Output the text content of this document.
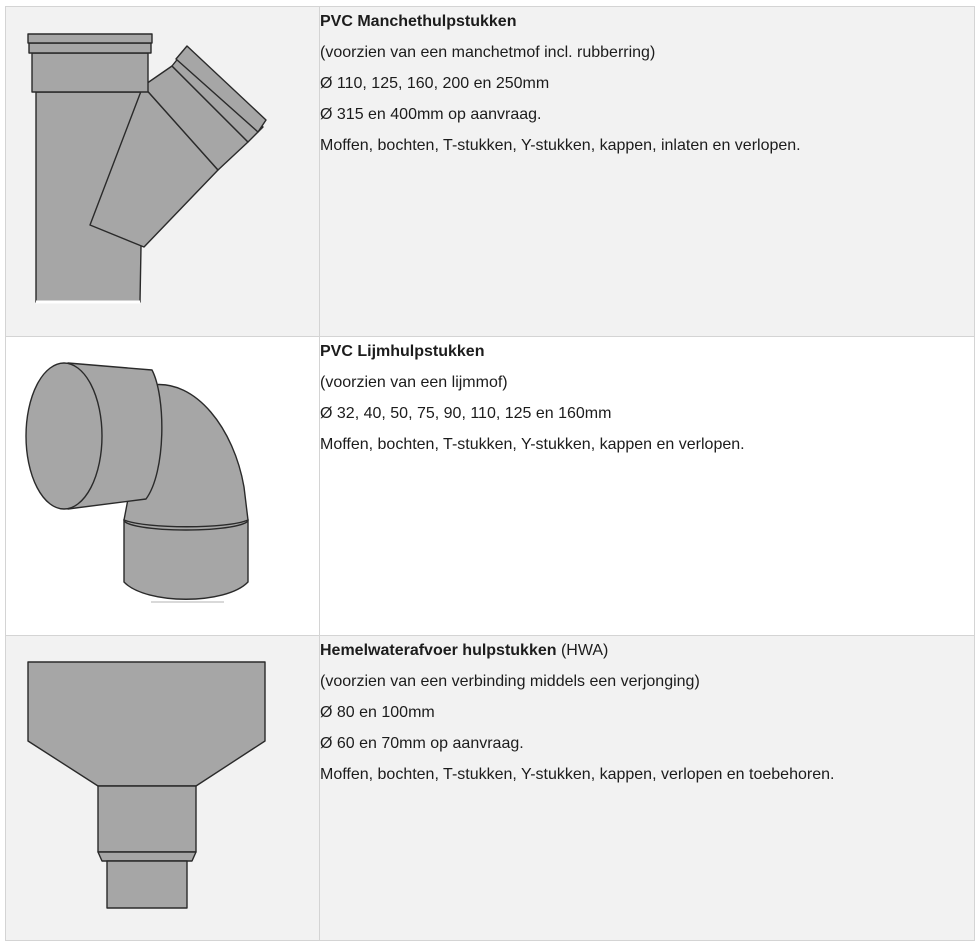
PVC Manchethulpstukken
(voorzien van een manchetmof incl. rubberring)
Ø 110, 125, 160, 200 en 250mm
Ø 315 en 400mm op aanvraag.
Moffen, bochten, T-stukken, Y-stukken, kappen, inlaten en verlopen.

PVC Lijmhulpstukken
(voorzien van een lijmmof)
Ø 32, 40, 50, 75, 90, 110, 125 en 160mm
Moffen, bochten, T-stukken, Y-stukken, kappen en verlopen.

Hemelwaterafvoer hulpstukken (HWA)
(voorzien van een verbinding middels een verjonging)
Ø 80 en 100mm
Ø 60 en 70mm op aanvraag.
Moffen, bochten, T-stukken, Y-stukken, kappen, verlopen en toebehoren.
